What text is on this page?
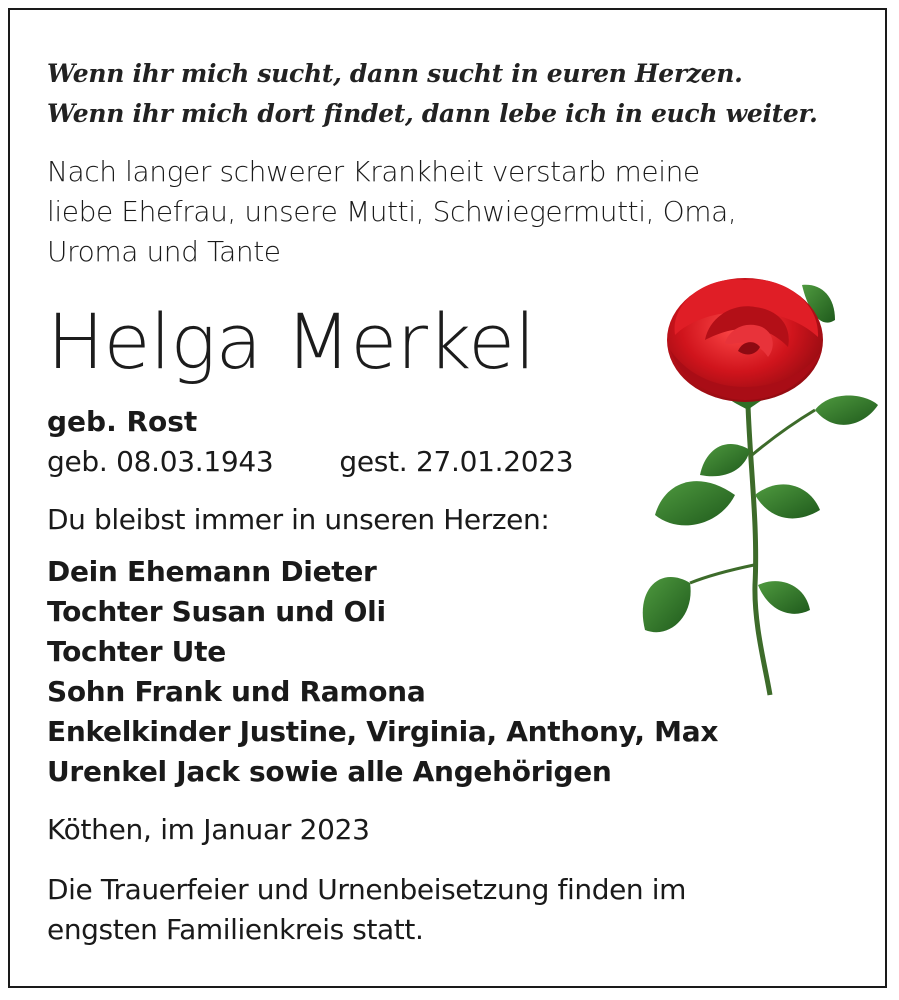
Wenn ihr mich sucht, dann sucht in euren Herzen.
Wenn ihr mich dort findet, dann lebe ich in euch weiter.

Nach langer schwerer Krankheit verstarb meine
liebe Ehefrau, unsere Mutti, Schwiegermutti, Oma,
Uroma und Tante

Helga Merkel

geb. Rost

geb. 08.03.1943 gest. 27.01.2023

Du bleibst immer in unseren Herzen:

Dein Ehemann Dieter
Tochter Susan und Oli
Tochter Ute
Sohn Frank und Ramona
Enkelkinder Justine, Virginia, Anthony, Max
Urenkel Jack sowie alle Angehörigen

Köthen, im Januar 2023

Die Trauerfeier und Urnenbeisetzung finden im
engsten Familienkreis statt.
